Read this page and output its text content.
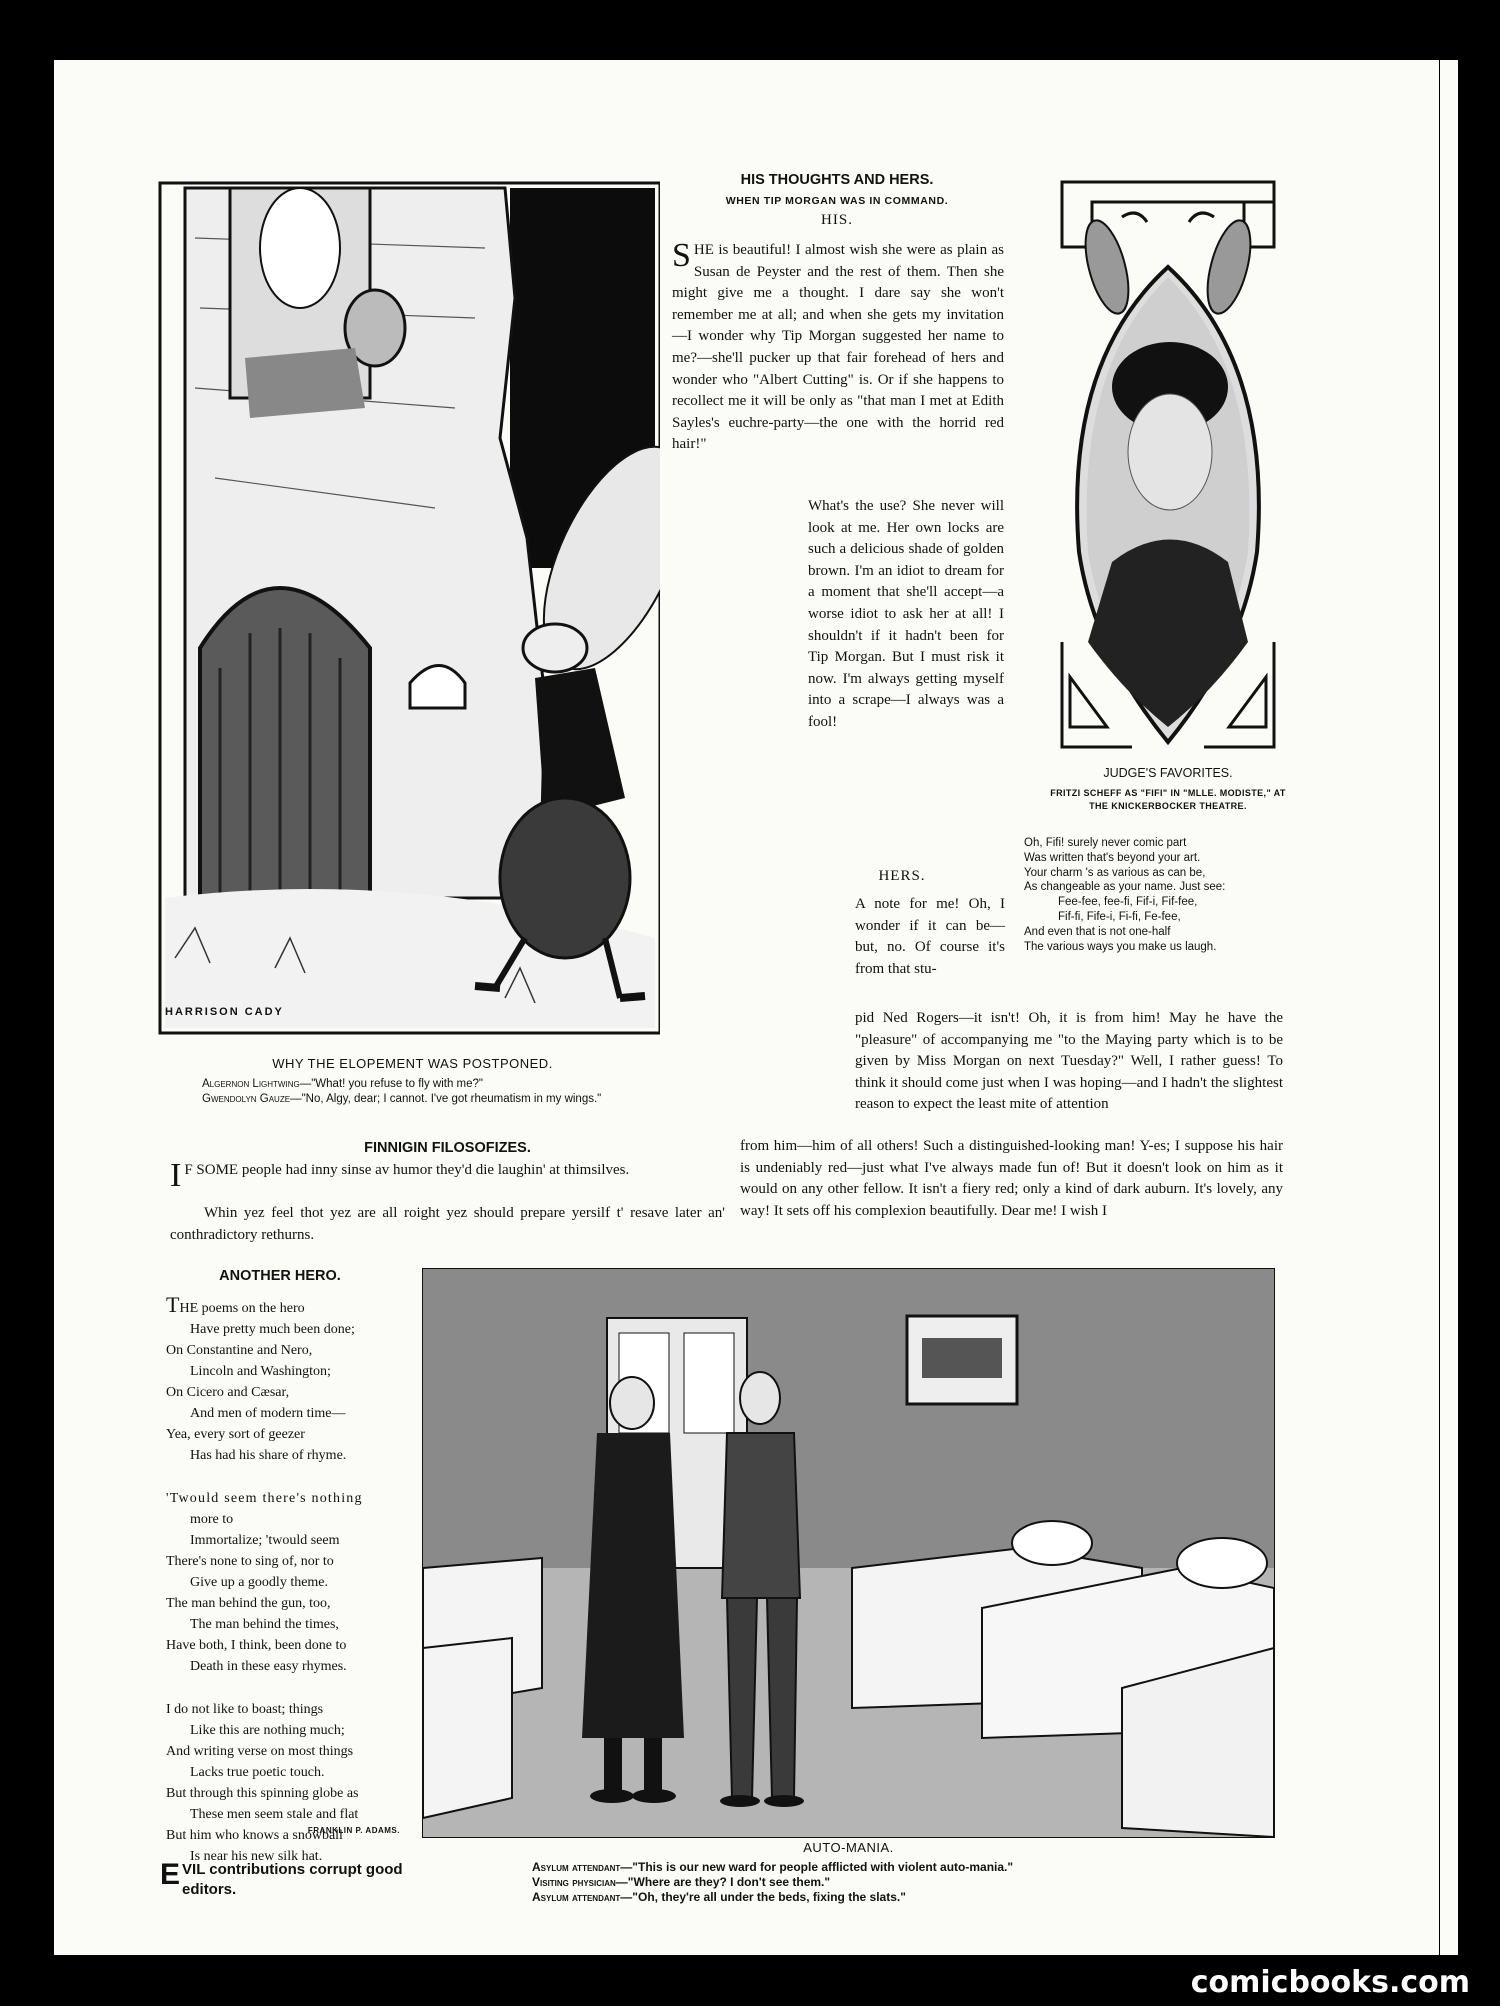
HARRISON CADY
WHY THE ELOPEMENT WAS POSTPONED.
Algernon Lightwing—"What! you refuse to fly with me?"
Gwendolyn Gauze—"No, Algy, dear; I cannot. I've got rheumatism in my wings."
HIS THOUGHTS AND HERS.
WHEN TIP MORGAN WAS IN COMMAND.
HIS.
SHE is beautiful! I almost wish she were as plain as Susan de Peyster and the rest of them. Then she might give me a thought. I dare say she won't remember me at all; and when she gets my invitation—I wonder why Tip Morgan suggested her name to me?—she'll pucker up that fair forehead of hers and wonder who "Albert Cutting" is. Or if she happens to recollect me it will be only as "that man I met at Edith Sayles's euchre-party—the one with the horrid red hair!"
What's the use? She never will look at me. Her own locks are such a delicious shade of golden brown. I'm an idiot to dream for a moment that she'll accept—a worse idiot to ask her at all! I shouldn't if it hadn't been for Tip Morgan. But I must risk it now. I'm always getting myself into a scrape—I always was a fool!
HERS.
A note for me! Oh, I wonder if it can be—but, no. Of course it's from that stu-
pid Ned Rogers—it isn't! Oh, it is from him! May he have the "pleasure" of accompanying me "to the Maying party which is to be given by Miss Morgan on next Tuesday?" Well, I rather guess! To think it should come just when I was hoping—and I hadn't the slightest reason to expect the least mite of attention
from him—him of all others! Such a distinguished-looking man! Y-es; I suppose his hair is undeniably red—just what I've always made fun of! But it doesn't look on him as it would on any other fellow. It isn't a fiery red; only a kind of dark auburn. It's lovely, any way! It sets off his complexion beautifully. Dear me! I wish I
JUDGE'S FAVORITES.
FRITZI SCHEFF AS "FIFI" IN "MLLE. MODISTE," AT THE KNICKERBOCKER THEATRE.
Oh, Fifi! surely never comic part
Was written that's beyond your art.
Your charm 's as various as can be,
As changeable as your name. Just see:
Fee-fee, fee-fi, Fif-i, Fif-fee,
Fif-fi, Fife-i, Fi-fi, Fe-fee,
And even that is not one-half
The various ways you make us laugh.
FINNIGIN FILOSOFIZES.
I F SOME people had inny sinse av humor they'd die laughin' at thimsilves.
Whin yez feel thot yez are all roight yez should prepare yersilf t' resave later an' conthradictory rethurns.
ANOTHER HERO.

THE poems on the hero

Have pretty much been done;

On Constantine and Nero,

Lincoln and Washington;

On Cicero and Cæsar,

And men of modern time—

Yea, every sort of geezer

Has had his share of rhyme.

'Twould seem there's nothing

more to

Immortalize; 'twould seem

There's none to sing of, nor to

Give up a goodly theme.

The man behind the gun, too,

The man behind the times,

Have both, I think, been done to

Death in these easy rhymes.

I do not like to boast; things

Like this are nothing much;

And writing verse on most things

Lacks true poetic touch.

But through this spinning globe as

These men seem stale and flat

But him who knows a snowball

Is near his new silk hat.

FRANKLIN P. ADAMS.
EVIL contributions corrupt good editors.
AUTO-MANIA.
Asylum attendant—"This is our new ward for people afflicted with violent auto-mania."
Visiting physician—"Where are they? I don't see them."
Asylum attendant—"Oh, they're all under the beds, fixing the slats."
comicbooks.com
